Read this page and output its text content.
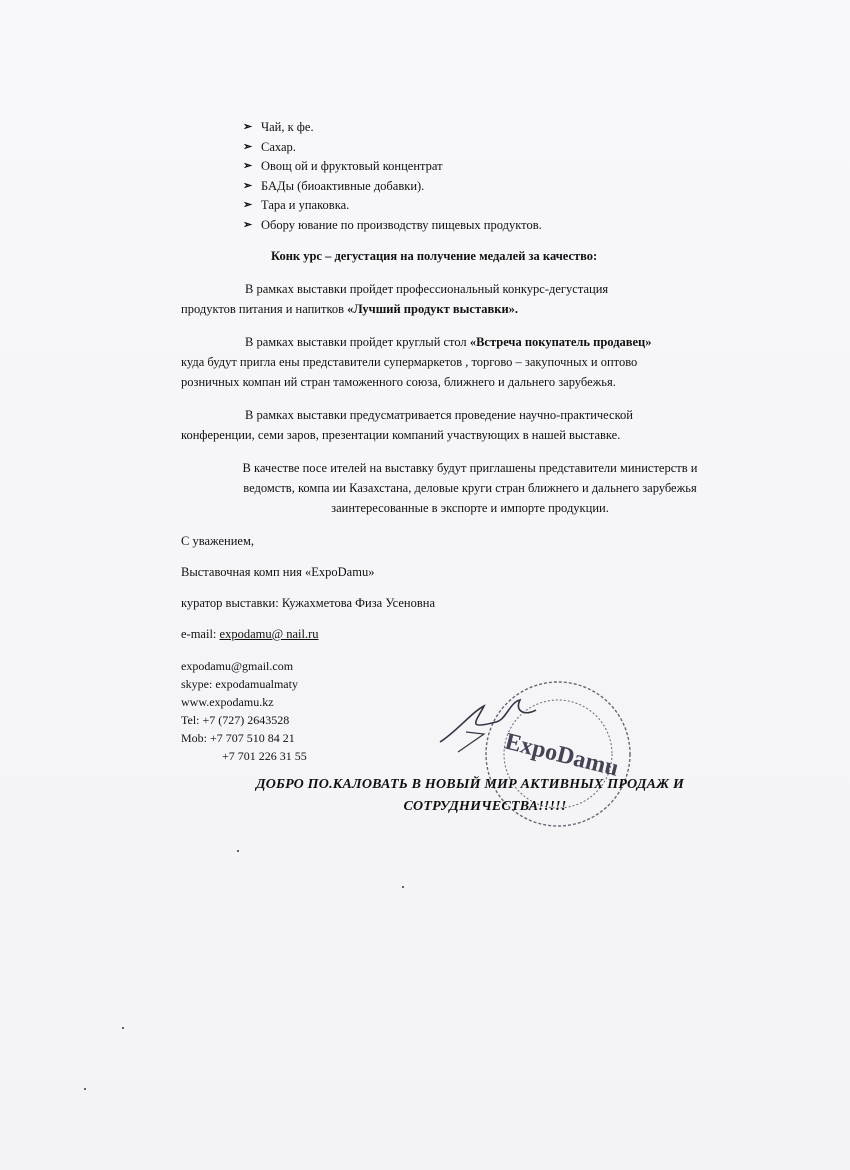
➢ Чай, к фе.
➢ Сахар.
➢ Овощ ой и фруктовый концентрат
➢ БАДы (биоактивные добавки).
➢ Тара и упаковка.
➢ Обору ювание по производству пищевых продуктов.
Конк урс – дегустация на получение медалей за качество:
В рамках выставки пройдет профессиональный конкурс-дегустация
продуктов питания и напитков «Лучший продукт выставки».
В рамках выставки пройдет круглый стол «Встреча покупатель продавец»
куда будут пригла ены представители супермаркетов , торгово – закупочных и оптово
розничных компан ий стран таможенного союза, ближнего и дальнего зарубежья.
В рамках выставки предусматривается проведение научно-практической
конференции, семи заров, презентации компаний участвующих в нашей выставке.
В качестве посе ителей на выставку будут приглашены представители министерств и
ведомств, компа ии Казахстана, деловые круги стран ближнего и дальнего зарубежья
заинтересованные в экспорте и импорте продукции.
С уважением,
Выставочная комп ния «ExpoDamu»
куратор выставки: Кужахметова Физа Усеновна
e-mail: expodamu@ nail.ru
expodamu@gmail.com
skype: expodamualmaty
www.expodamu.kz
Tel: +7 (727) 2643528
Mob: +7 707 510 84 21
+7 701 226 31 55	ExpoDamu
ДОБРО ПО.КАЛОВАТЬ В НОВЫЙ МИР АКТИВНЫХ ПРОДАЖ И
СОТРУДНИЧЕСТВА!!!!!
